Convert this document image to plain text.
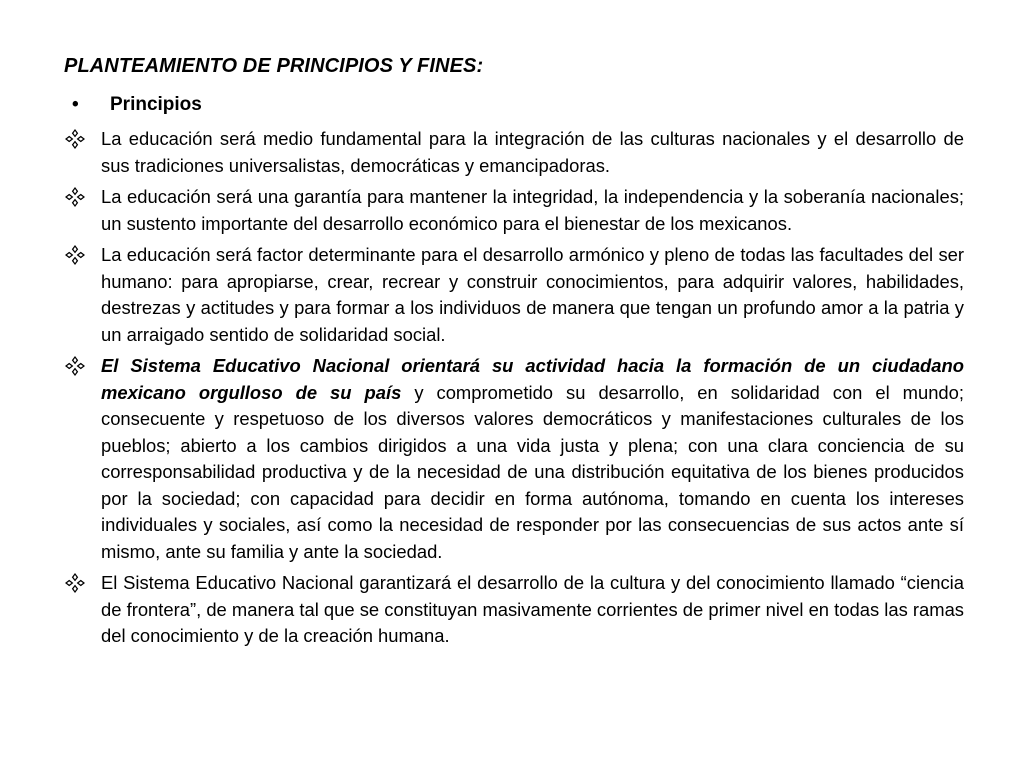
PLANTEAMIENTO DE PRINCIPIOS Y FINES:
•	Principios
La educación será medio fundamental para la integración de las culturas nacionales y el desarrollo de sus tradiciones universalistas, democráticas y emancipadoras.
La educación será una garantía para mantener la integridad, la independencia y la soberanía nacionales; un sustento importante del desarrollo económico para el bienestar de los mexicanos.
La educación será factor determinante para el desarrollo armónico y pleno de todas las facultades del ser humano: para apropiarse, crear, recrear y construir conocimientos, para adquirir valores, habilidades, destrezas y actitudes y para formar a los individuos de manera que tengan un profundo amor a la patria y un arraigado sentido de solidaridad social.
El Sistema Educativo Nacional orientará su actividad hacia la formación de un ciudadano mexicano orgulloso de su país y comprometido su desarrollo, en solidaridad con el mundo; consecuente y respetuoso de los diversos valores democráticos y manifestaciones culturales de los pueblos; abierto a los cambios dirigidos a una vida justa y plena; con una clara conciencia de su corresponsabilidad productiva y de la necesidad de una distribución equitativa de los bienes producidos por la sociedad; con capacidad para decidir en forma autónoma, tomando en cuenta los intereses individuales y sociales, así como la necesidad de responder por las consecuencias de sus actos ante sí mismo, ante su familia y ante la sociedad.
El Sistema Educativo Nacional garantizará el desarrollo de la cultura y del conocimiento llamado “ciencia de frontera”, de manera tal que se constituyan masivamente corrientes de primer nivel en todas las ramas del conocimiento y de la creación humana.
